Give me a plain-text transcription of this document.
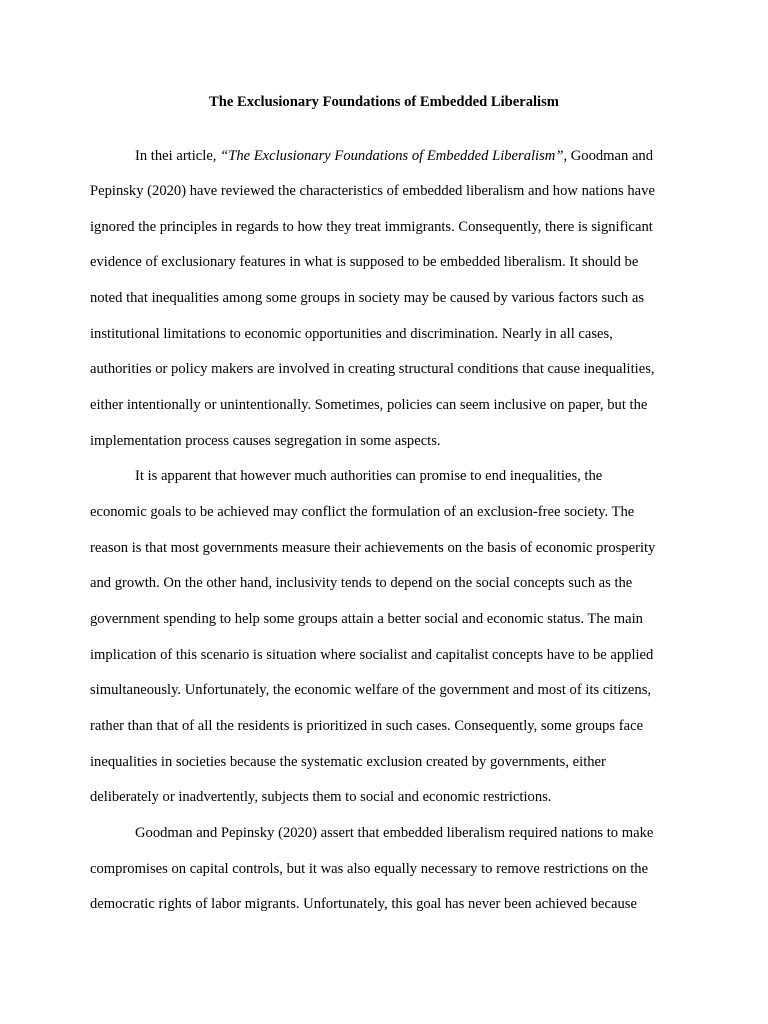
The Exclusionary Foundations of Embedded Liberalism
In thei article, “The Exclusionary Foundations of Embedded Liberalism”, Goodman and
Pepinsky (2020) have reviewed the characteristics of embedded liberalism and how nations have
ignored the principles in regards to how they treat immigrants. Consequently, there is significant
evidence of exclusionary features in what is supposed to be embedded liberalism. It should be
noted that inequalities among some groups in society may be caused by various factors such as
institutional limitations to economic opportunities and discrimination. Nearly in all cases,
authorities or policy makers are involved in creating structural conditions that cause inequalities,
either intentionally or unintentionally. Sometimes, policies can seem inclusive on paper, but the
implementation process causes segregation in some aspects.
It is apparent that however much authorities can promise to end inequalities, the
economic goals to be achieved may conflict the formulation of an exclusion-free society. The
reason is that most governments measure their achievements on the basis of economic prosperity
and growth. On the other hand, inclusivity tends to depend on the social concepts such as the
government spending to help some groups attain a better social and economic status. The main
implication of this scenario is situation where socialist and capitalist concepts have to be applied
simultaneously. Unfortunately, the economic welfare of the government and most of its citizens,
rather than that of all the residents is prioritized in such cases. Consequently, some groups face
inequalities in societies because the systematic exclusion created by governments, either
deliberately or inadvertently, subjects them to social and economic restrictions.
Goodman and Pepinsky (2020) assert that embedded liberalism required nations to make
compromises on capital controls, but it was also equally necessary to remove restrictions on the
democratic rights of labor migrants. Unfortunately, this goal has never been achieved because
